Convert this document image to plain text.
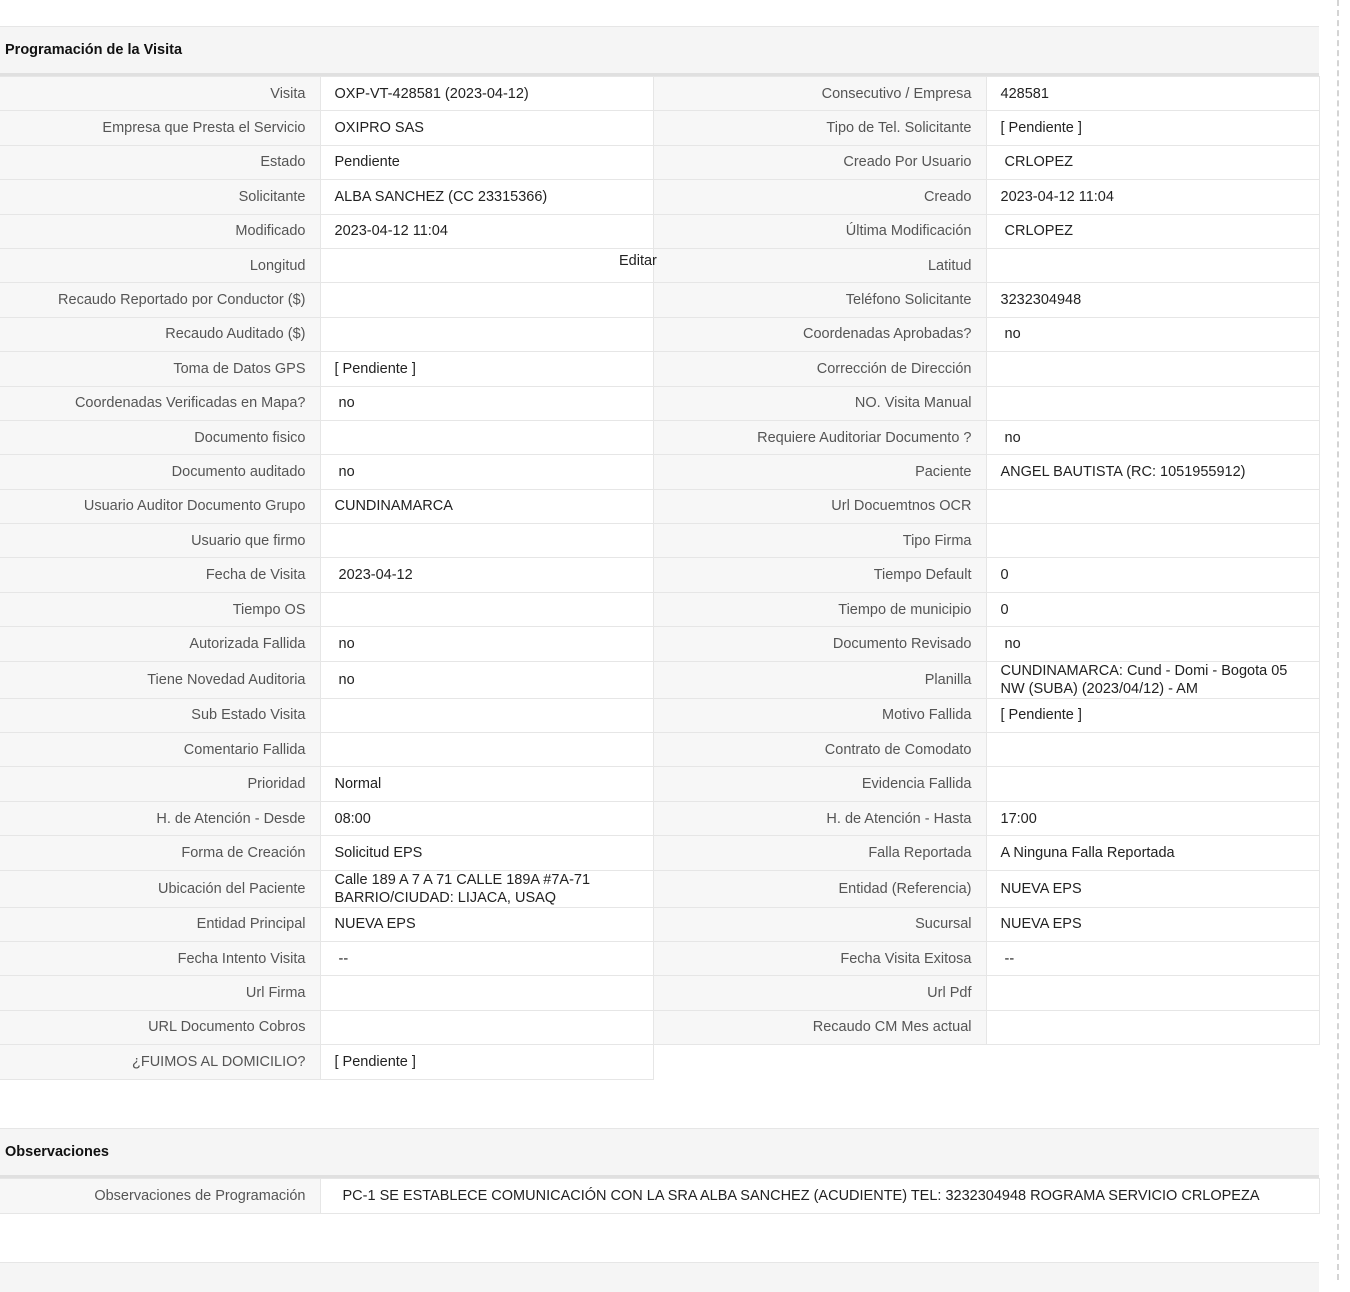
Programación de la Visita
Visita	OXP-VT-428581 (2023-04-12)	Consecutivo / Empresa	428581
Empresa que Presta el Servicio	OXIPRO SAS	Tipo de Tel. Solicitante	[ Pendiente ]
Estado	Pendiente	Creado Por Usuario	CRLOPEZ
Solicitante	ALBA SANCHEZ (CC 23315366)	Creado	2023-04-12 11:04
Modificado	2023-04-12 11:04	Última Modificación	CRLOPEZ
Longitud		Latitud	
Recaudo Reportado por Conductor ($)		Teléfono Solicitante	3232304948
Recaudo Auditado ($)		Coordenadas Aprobadas?	no
Toma de Datos GPS	[ Pendiente ]	Corrección de Dirección	
Coordenadas Verificadas en Mapa?	no	NO. Visita Manual	
Documento fisico		Requiere Auditoriar Documento ?	no
Documento auditado	no	Paciente	ANGEL BAUTISTA (RC: 1051955912)
Usuario Auditor Documento Grupo	CUNDINAMARCA	Url Docuemtnos OCR	
Usuario que firmo		Tipo Firma	
Fecha de Visita	2023-04-12	Tiempo Default	0
Tiempo OS		Tiempo de municipio	0
Autorizada Fallida	no	Documento Revisado	no
Tiene Novedad Auditoria	no	Planilla	CUNDINAMARCA: Cund - Domi - Bogota 05 NW (SUBA) (2023/04/12) - AM
Sub Estado Visita		Motivo Fallida	[ Pendiente ]
Comentario Fallida		Contrato de Comodato	
Prioridad	Normal	Evidencia Fallida	
H. de Atención - Desde	08:00	H. de Atención - Hasta	17:00
Forma de Creación	Solicitud EPS	Falla Reportada	A Ninguna Falla Reportada
Ubicación del Paciente	Calle 189 A 7 A 71 CALLE 189A #7A-71 BARRIO/CIUDAD: LIJACA, USAQ	Entidad (Referencia)	NUEVA EPS
Entidad Principal	NUEVA EPS	Sucursal	NUEVA EPS
Fecha Intento Visita	--	Fecha Visita Exitosa	--
Url Firma		Url Pdf	
URL Documento Cobros		Recaudo CM Mes actual	
¿FUIMOS AL DOMICILIO?	[ Pendiente ]		
Editar
Observaciones
Observaciones de Programación	PC-1 SE ESTABLECE COMUNICACIÓN CON LA SRA ALBA SANCHEZ (ACUDIENTE) TEL: 3232304948 ROGRAMA SERVICIO CRLOPEZA
